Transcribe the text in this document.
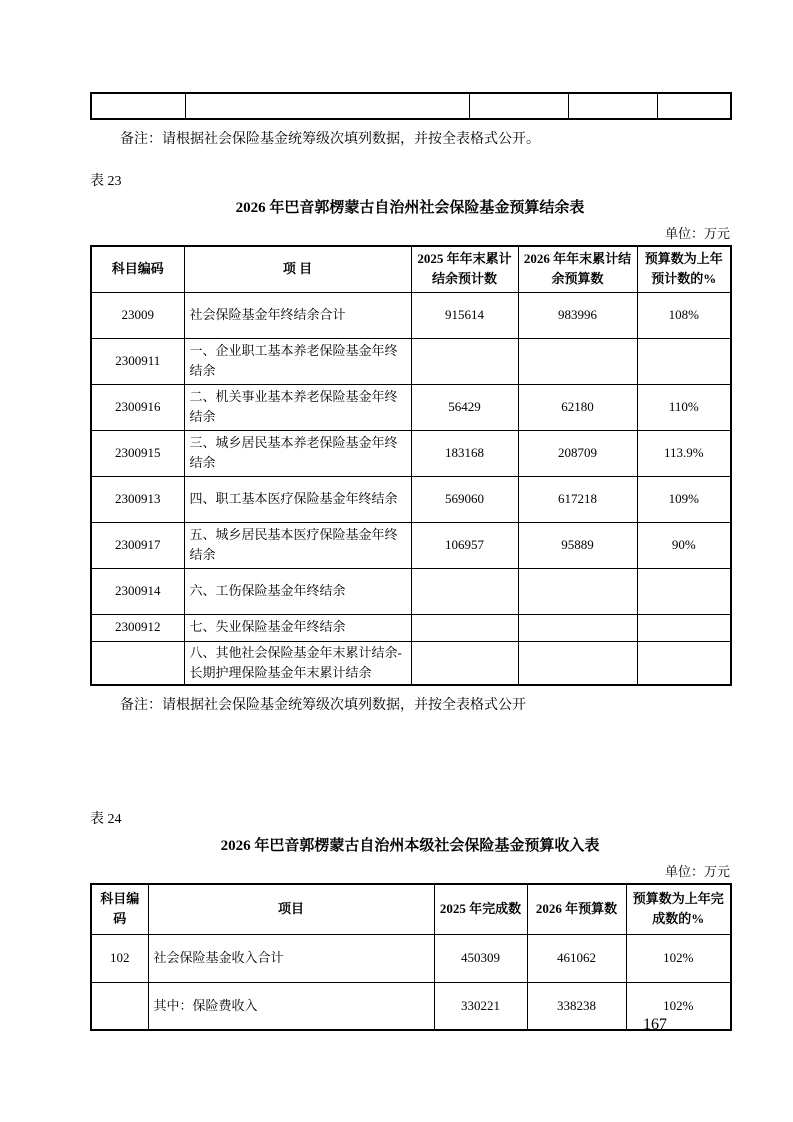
备注：请根据社会保险基金统筹级次填列数据，并按全表格式公开。

表 23

2026 年巴音郭楞蒙古自治州社会保险基金预算结余表

单位：万元

科目编码	项 目	2025 年年末累计结余预计数	2026 年年末累计结余预算数	预算数为上年预计数的%
23009	社会保险基金年终结余合计	915614	983996	108%
2300911	一、企业职工基本养老保险基金年终结余			
2300916	二、机关事业基本养老保险基金年终结余	56429	62180	110%
2300915	三、城乡居民基本养老保险基金年终结余	183168	208709	113.9%
2300913	四、职工基本医疗保险基金年终结余	569060	617218	109%
2300917	五、城乡居民基本医疗保险基金年终结余	106957	95889	90%
2300914	六、工伤保险基金年终结余			
2300912	七、失业保险基金年终结余			
	八、其他社会保险基金年末累计结余-长期护理保险基金年末累计结余			

备注：请根据社会保险基金统筹级次填列数据，并按全表格式公开

表 24

2026 年巴音郭楞蒙古自治州本级社会保险基金预算收入表

单位：万元

科目编码	项目	2025 年完成数	2026 年预算数	预算数为上年完成数的%
102	社会保险基金收入合计	450309	461062	102%
	其中：保险费收入	330221	338238	102%
167
